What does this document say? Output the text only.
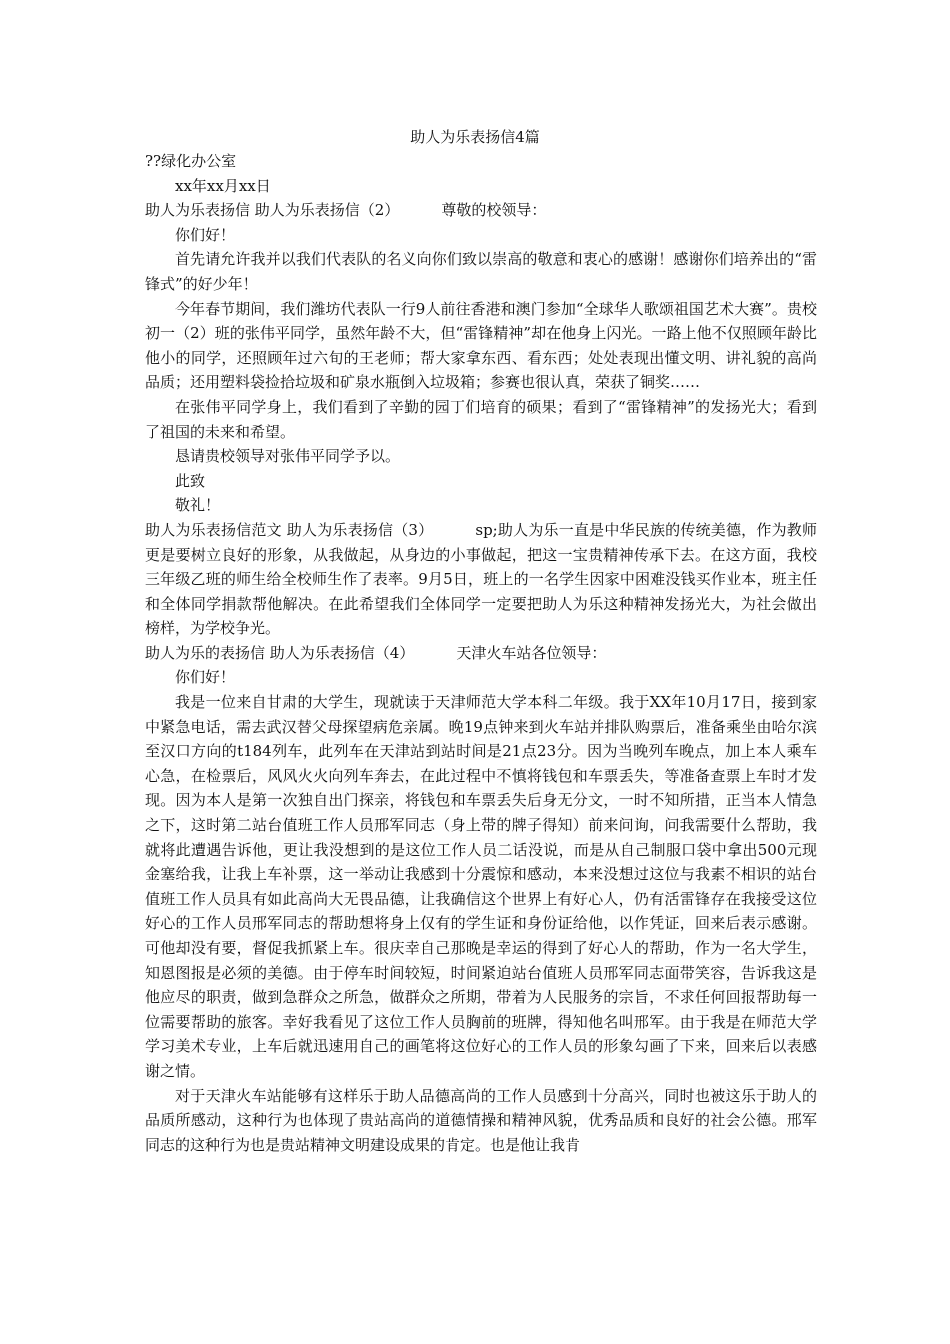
助人为乐表扬信4篇

??绿化办公室

xx年xx月xx日

助人为乐表扬信 助人为乐表扬信（2）	尊敬的校领导：

你们好！

首先请允许我并以我们代表队的名义向你们致以崇高的敬意和衷心的感谢！感谢你们培养出的“雷锋式”的好少年！

今年春节期间，我们潍坊代表队一行9人前往香港和澳门参加“全球华人歌颂祖国艺术大赛”。贵校初一（2）班的张伟平同学，虽然年龄不大，但“雷锋精神”却在他身上闪光。一路上他不仅照顾年龄比他小的同学，还照顾年过六旬的王老师；帮大家拿东西、看东西；处处表现出懂文明、讲礼貌的高尚品质；还用塑料袋捡拾垃圾和矿泉水瓶倒入垃圾箱；参赛也很认真，荣获了铜奖……

在张伟平同学身上，我们看到了辛勤的园丁们培育的硕果；看到了“雷锋精神”的发扬光大；看到了祖国的未来和希望。

恳请贵校领导对张伟平同学予以。

此致

敬礼！

助人为乐表扬信范文 助人为乐表扬信（3）	sp;助人为乐一直是中华民族的传统美德，作为教师更是要树立良好的形象，从我做起，从身边的小事做起，把这一宝贵精神传承下去。在这方面，我校三年级乙班的师生给全校师生作了表率。9月5日，班上的一名学生因家中困难没钱买作业本，班主任和全体同学捐款帮他解决。在此希望我们全体同学一定要把助人为乐这种精神发扬光大，为社会做出榜样，为学校争光。

助人为乐的表扬信 助人为乐表扬信（4）	天津火车站各位领导：

你们好！

我是一位来自甘肃的大学生，现就读于天津师范大学本科二年级。我于XX年10月17日，接到家中紧急电话，需去武汉替父母探望病危亲属。晚19点钟来到火车站并排队购票后，准备乘坐由哈尔滨至汉口方向的t184列车，此列车在天津站到站时间是21点23分。因为当晚列车晚点，加上本人乘车心急，在检票后，风风火火向列车奔去，在此过程中不慎将钱包和车票丢失，等准备查票上车时才发现。因为本人是第一次独自出门探亲，将钱包和车票丢失后身无分文，一时不知所措，正当本人情急之下，这时第二站台值班工作人员邢军同志（身上带的牌子得知）前来问询，问我需要什么帮助，我就将此遭遇告诉他，更让我没想到的是这位工作人员二话没说，而是从自己制服口袋中拿出500元现金塞给我，让我上车补票，这一举动让我感到十分震惊和感动，本来没想过这位与我素不相识的站台值班工作人员具有如此高尚大无畏品德，让我确信这个世界上有好心人，仍有活雷锋存在我接受这位好心的工作人员邢军同志的帮助想将身上仅有的学生证和身份证给他，以作凭证，回来后表示感谢。可他却没有要，督促我抓紧上车。很庆幸自己那晚是幸运的得到了好心人的帮助，作为一名大学生，知恩图报是必须的美德。由于停车时间较短，时间紧迫站台值班人员邢军同志面带笑容，告诉我这是他应尽的职责，做到急群众之所急，做群众之所期，带着为人民服务的宗旨，不求任何回报帮助每一位需要帮助的旅客。幸好我看见了这位工作人员胸前的班牌，得知他名叫邢军。由于我是在师范大学学习美术专业，上车后就迅速用自己的画笔将这位好心的工作人员的形象勾画了下来，回来后以表感谢之情。

对于天津火车站能够有这样乐于助人品德高尚的工作人员感到十分高兴，同时也被这乐于助人的品质所感动，这种行为也体现了贵站高尚的道德情操和精神风貌，优秀品质和良好的社会公德。邢军同志的这种行为也是贵站精神文明建设成果的肯定。也是他让我肯
